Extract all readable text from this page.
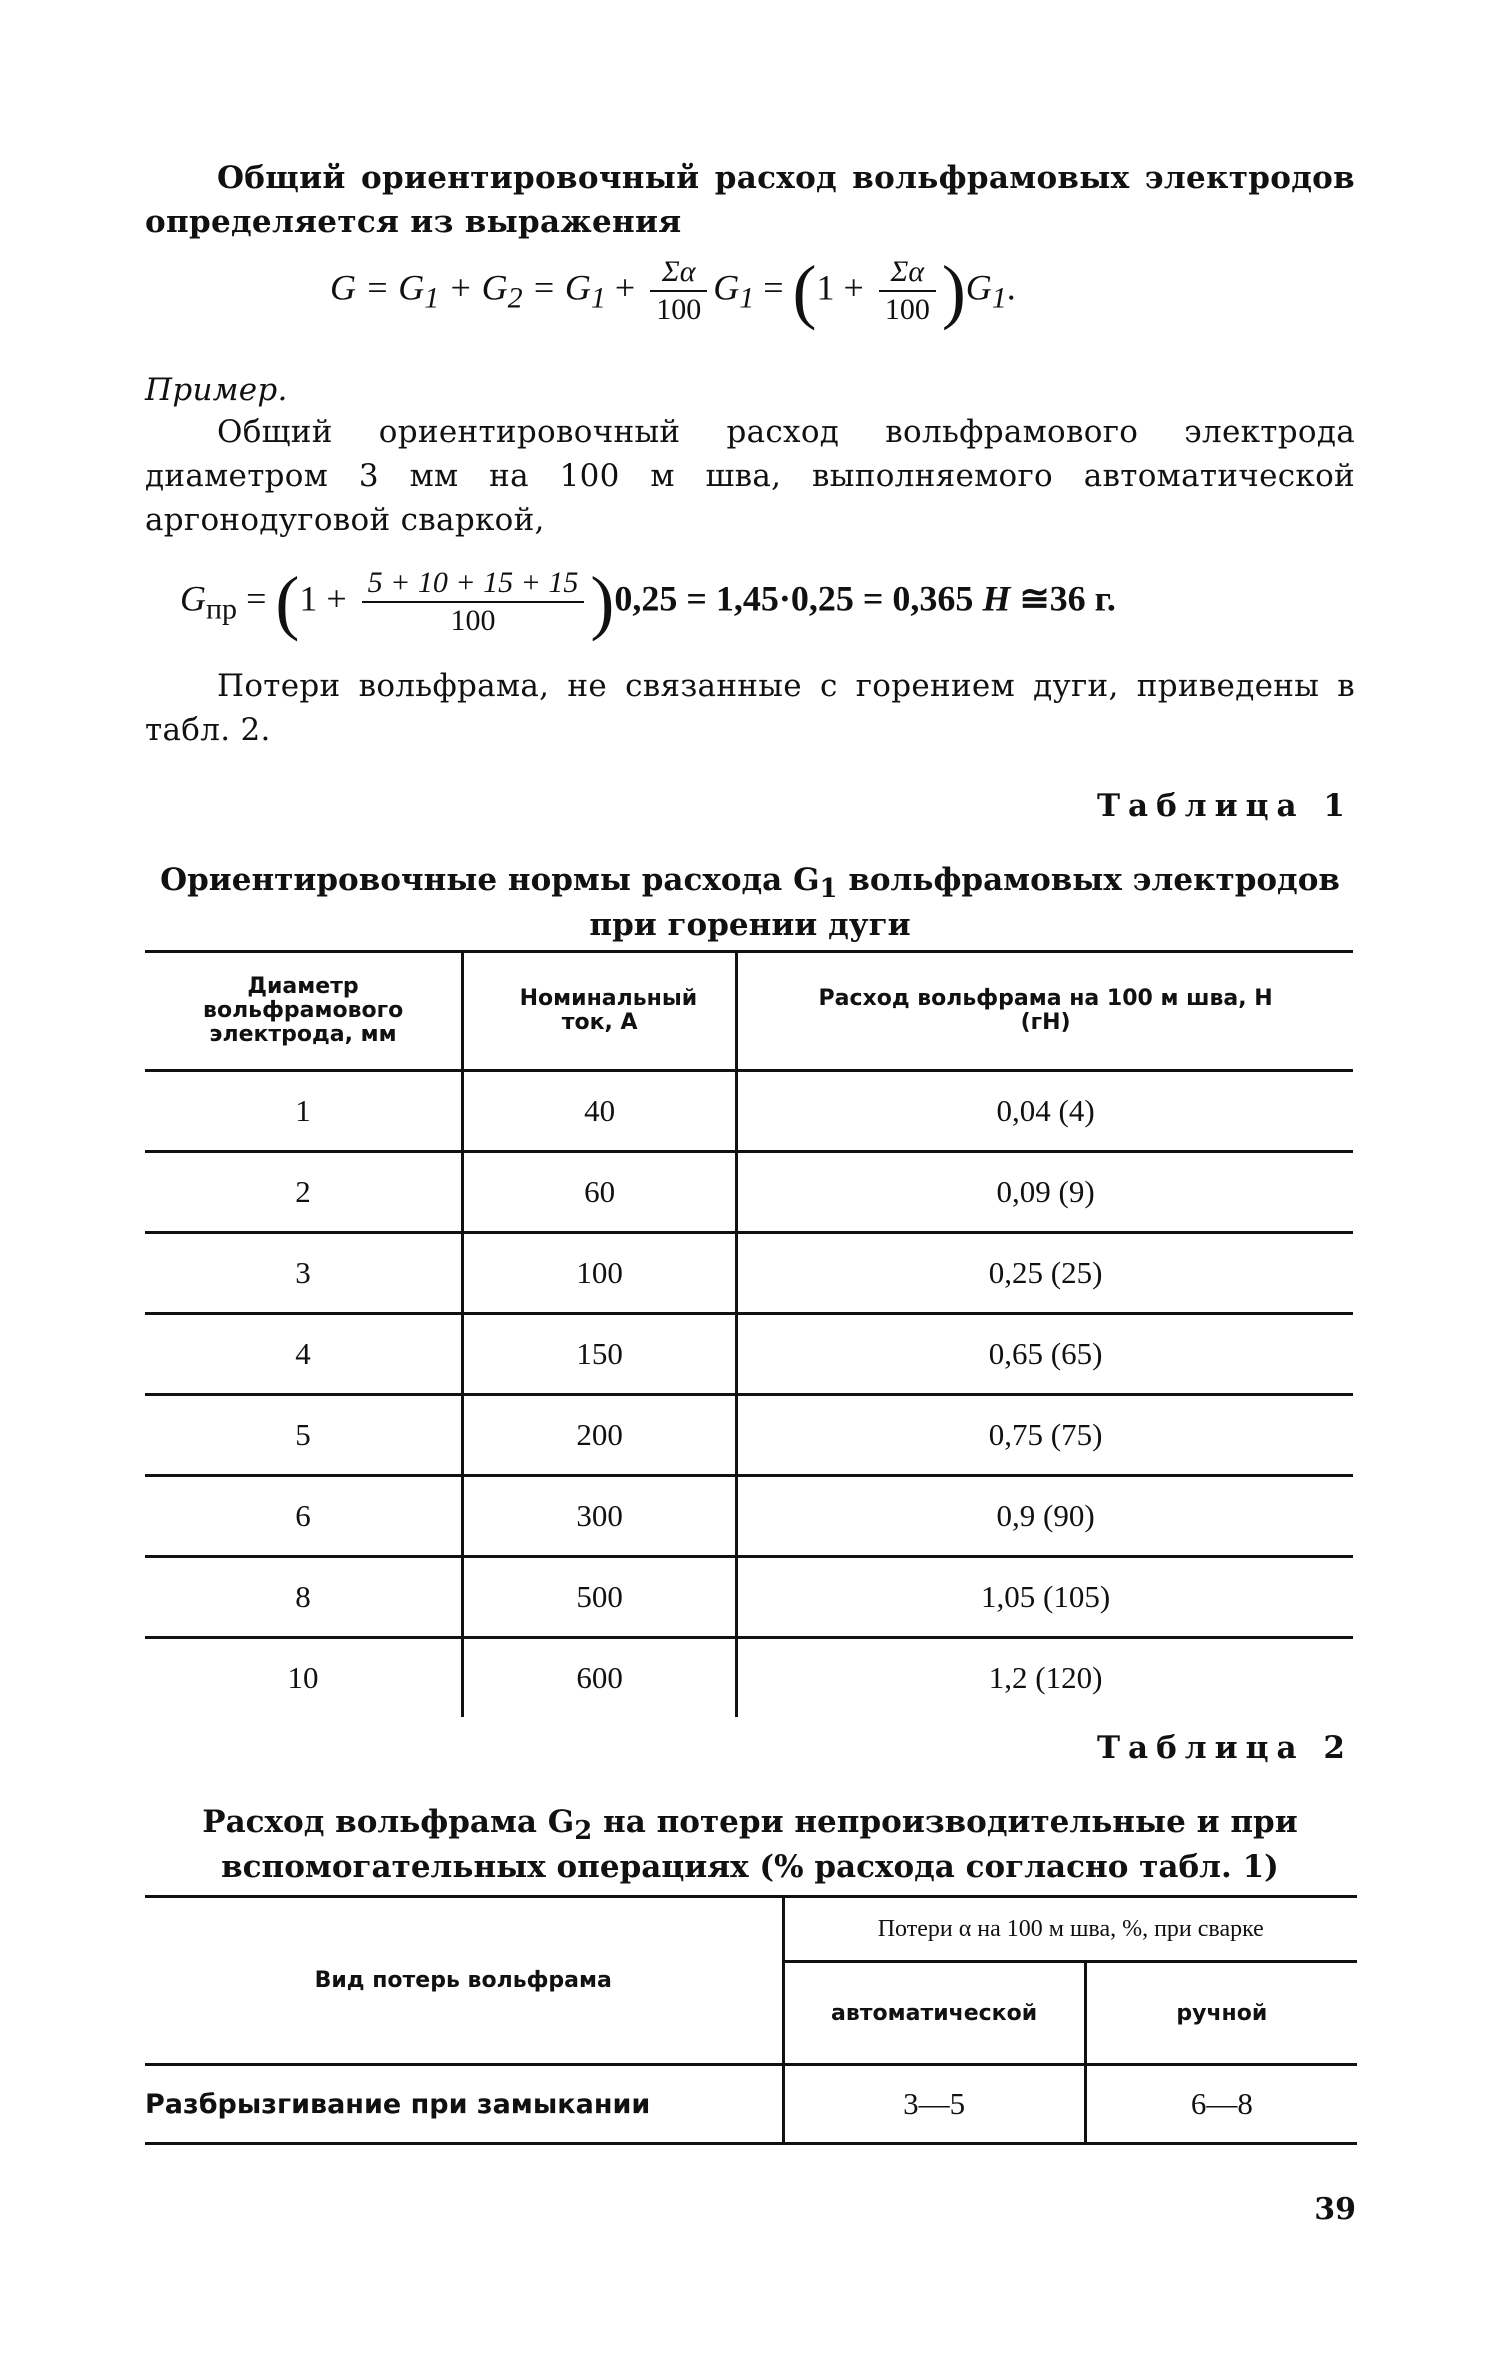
Общий ориентировочный расход вольфрамовых электродов определяется из выражения
$G = G_1 + G_2 = G_1 + \frac{\Sigma\alpha}{100} G_1 = (1 + \frac{\Sigma\alpha}{100} )G_1$.
Пример.
Общий ориентировочный расход вольфрамового электрода диаметром 3 мм на 100 м шва, выполняемого автоматической аргонодуговой сваркой,
$G_{пр} = (1 + \frac{5 + 10 + 15 + 15}{100} )0,25 = 1,45\cdot 0,25 = 0,365$ Н ≅36 г.
Потери вольфрама, не связанные с горением дуги, приведены в табл. 2.
Таблица 1
Ориентировочные нормы расхода $G_1$ вольфрамовых электродов
при горении дуги
Диаметр вольфрамового электрода, мм	Номинальный ток, А	Расход вольфрама на 100 м шва, Н (гН)
1	40	0,04 (4)
2	60	0,09 (9)
3	100	0,25 (25)
4	150	0,65 (65)
5	200	0,75 (75)
6	300	0,9 (90)
8	500	1,05 (105)
10	600	1,2 (120)
Таблица 2
Расход вольфрама $G_2$ на потери непроизводительные и при
вспомогательных операциях (% расхода согласно табл. 1)
Вид потерь вольфрама	Потери α на 100 м шва, %, при сварке	
	автоматической	ручной
Разбрызгивание при замыкании	3—5	6—8
39
